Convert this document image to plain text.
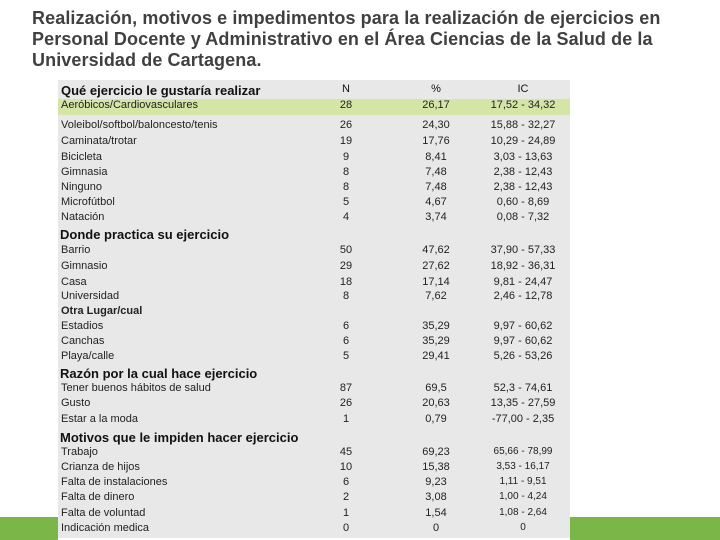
Realización, motivos e impedimentos para la realización de ejercicios en Personal Docente y Administrativo en el Área Ciencias de la Salud de la Universidad de Cartagena.
Qué ejercicio le gustaría realizar	N	%	IC
Aeróbicos/Cardiovasculares	28	26,17	17,52 - 34,32
Voleibol/softbol/baloncesto/tenis	26	24,30	15,88 - 32,27
Caminata/trotar	19	17,76	10,29 - 24,89
Bicicleta	9	8,41	3,03 - 13,63
Gimnasia	8	7,48	2,38 - 12,43
Ninguno	8	7,48	2,38 - 12,43
Microfútbol	5	4,67	0,60 - 8,69
Natación	4	3,74	0,08 - 7,32
Donde practica su ejercicio
Barrio	50	47,62	37,90 - 57,33
Gimnasio	29	27,62	18,92 - 36,31
Casa	18	17,14	9,81 - 24,47
Universidad	8	7,62	2,46 - 12,78
Otra Lugar/cual
Estadios	6	35,29	9,97 - 60,62
Canchas	6	35,29	9,97 - 60,62
Playa/calle	5	29,41	5,26 - 53,26
Razón por la cual hace ejercicio
Tener buenos hábitos de salud	87	69,5	52,3 - 74,61
Gusto	26	20,63	13,35 - 27,59
Estar a la moda	1	0,79	-77,00 - 2,35
Motivos que le impiden hacer ejercicio
Trabajo	45	69,23	65,66 - 78,99
Crianza de hijos	10	15,38	3,53 - 16,17
Falta de instalaciones	6	9,23	1,11 - 9,51
Falta de dinero	2	3,08	1,00 - 4,24
Falta de voluntad	1	1,54	1,08 - 2,64
Indicación medica	0	0	0
